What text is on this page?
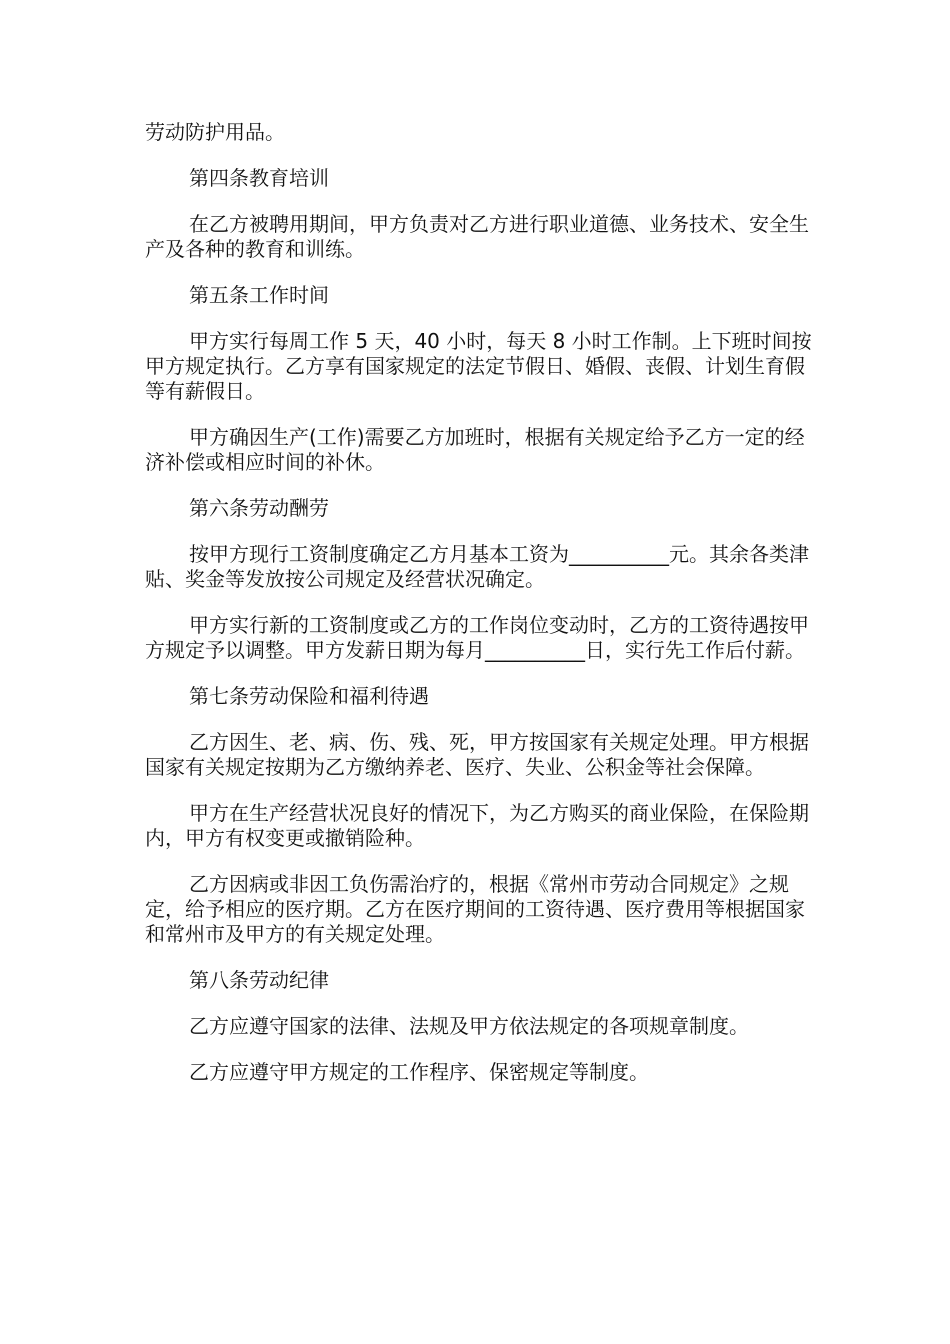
劳动防护用品。

第四条教育培训

在乙方被聘用期间，甲方负责对乙方进行职业道德、业务技术、安全生产及各种的教育和训练。

第五条工作时间

甲方实行每周工作 5 天，40 小时，每天 8 小时工作制。上下班时间按甲方规定执行。乙方享有国家规定的法定节假日、婚假、丧假、计划生育假等有薪假日。

甲方确因生产(工作)需要乙方加班时，根据有关规定给予乙方一定的经济补偿或相应时间的补休。

第六条劳动酬劳

按甲方现行工资制度确定乙方月基本工资为__________元。其余各类津贴、奖金等发放按公司规定及经营状况确定。

甲方实行新的工资制度或乙方的工作岗位变动时，乙方的工资待遇按甲方规定予以调整。甲方发薪日期为每月__________日，实行先工作后付薪。

第七条劳动保险和福利待遇

乙方因生、老、病、伤、残、死，甲方按国家有关规定处理。甲方根据国家有关规定按期为乙方缴纳养老、医疗、失业、公积金等社会保障。

甲方在生产经营状况良好的情况下，为乙方购买的商业保险，在保险期内，甲方有权变更或撤销险种。

乙方因病或非因工负伤需治疗的，根据《常州市劳动合同规定》之规定，给予相应的医疗期。乙方在医疗期间的工资待遇、医疗费用等根据国家和常州市及甲方的有关规定处理。

第八条劳动纪律

乙方应遵守国家的法律、法规及甲方依法规定的各项规章制度。

乙方应遵守甲方规定的工作程序、保密规定等制度。
